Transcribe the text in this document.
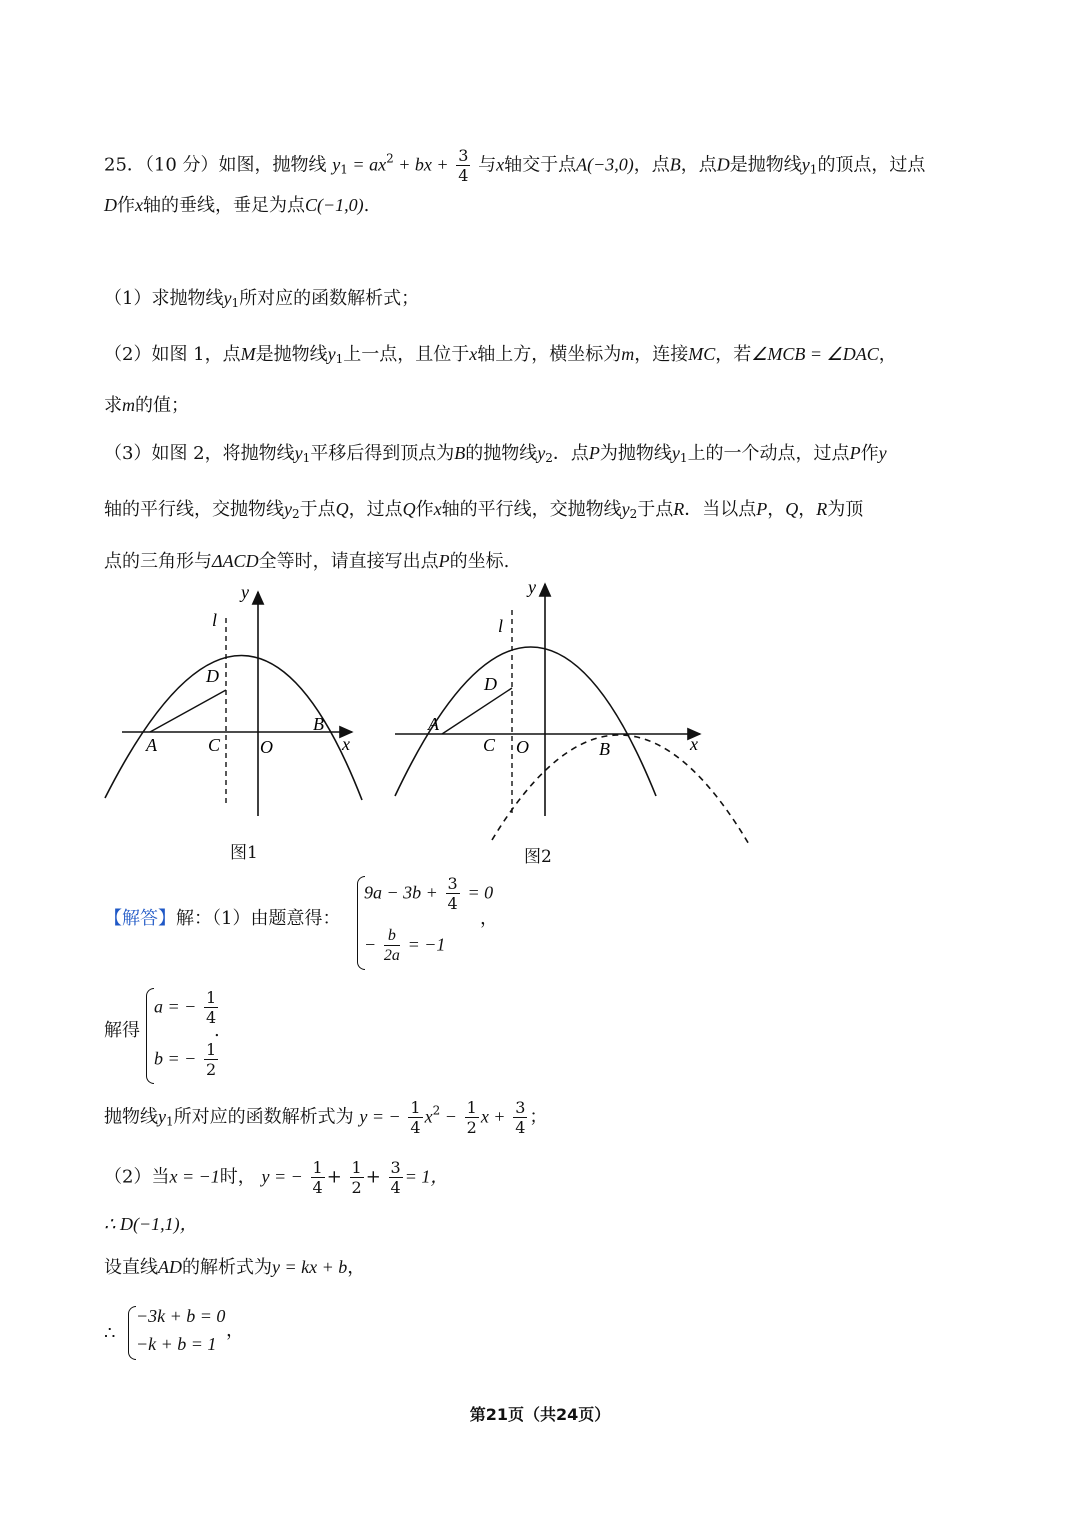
25．（10 分）如图，抛物线 $y_1 = ax^2$ + bx + $\frac{3}{4}$ 与x轴交于点A(−3,0)，点B，点D是抛物线$y_1$的顶点，过点
D作x轴的垂线，垂足为点C(−1,0).
（1）求抛物线$y_1$所对应的函数解析式；
（2）如图 1，点M是抛物线$y_1$上一点，且位于x轴上方，横坐标为m，连接MC，若∠MCB = ∠DAC，
求m的值；
（3）如图 2，将抛物线$y_1$平移后得到顶点为B的抛物线$y_2$．点P为抛物线$y_1$上的一个动点，过点P作y
轴的平行线，交抛物线$y_2$于点Q，过点Q作x轴的平行线，交抛物线$y_2$于点R．当以点P，Q，R为顶
点的三角形与ΔACD全等时，请直接写出点P的坐标.
y
l
D
A	C O
B
x
图1
y
l
D
A
C O	B	x
图2
【解答】解：（1）由题意得：
$9a - 3b + \frac{3}{4} = 0$
− $\frac{b}{2a} = -1$
，
解得
a = − $\frac{1}{4}$
b = − $\frac{1}{2}$
.
抛物线$y_1$所对应的函数解析式为 y = − $\frac{1}{4} x^2 - \frac{1}{2}$ $x + \frac{3}{4}$ ；
（2）当x = −1时， y = − $\frac{1}{4} + \frac{1}{2} + \frac{3}{4} = 1$，
∴ D(−1,1)，
设直线AD的解析式为y = kx + b，
∴
−3k + b = 0
−k + b = 1
，
第21页（共24页）
